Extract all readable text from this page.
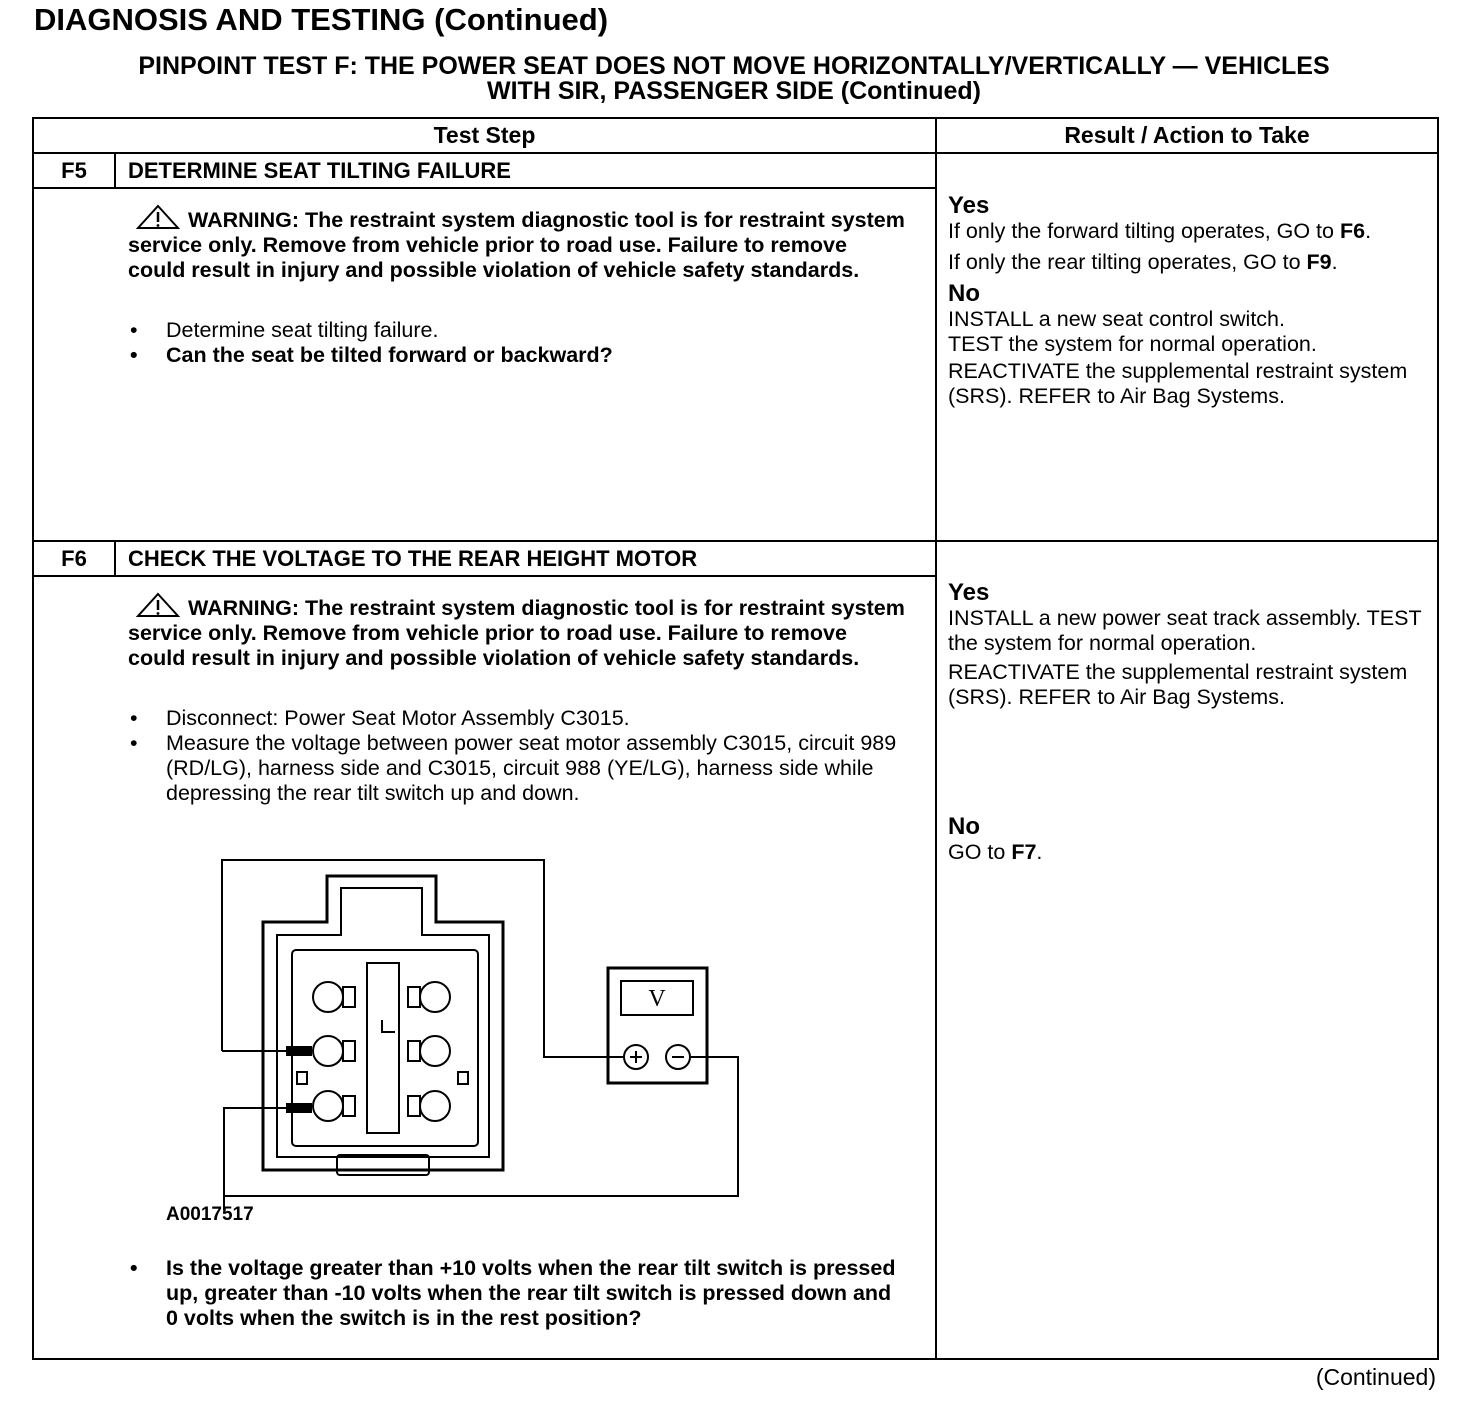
DIAGNOSIS AND TESTING (Continued)
PINPOINT TEST F: THE POWER SEAT DOES NOT MOVE HORIZONTALLY/VERTICALLY — VEHICLES
WITH SIR, PASSENGER SIDE (Continued)
Test Step	Result / Action to Take
F5	DETERMINE SEAT TILTING FAILURE
WARNING: The restraint system diagnostic tool is for restraint system service only. Remove from vehicle prior to road use. Failure to remove could result in injury and possible violation of vehicle safety standards.
• Determine seat tilting failure.
• Can the seat be tilted forward or backward?

Yes

If only the forward tilting operates, GO to F6.

If only the rear tilting operates, GO to F9.

No

INSTALL a new seat control switch.

TEST the system for normal operation.

REACTIVATE the supplemental restraint system (SRS). REFER to Air Bag Systems.

F6	CHECK THE VOLTAGE TO THE REAR HEIGHT MOTOR
WARNING: The restraint system diagnostic tool is for restraint system service only. Remove from vehicle prior to road use. Failure to remove could result in injury and possible violation of vehicle safety standards.
• Disconnect: Power Seat Motor Assembly C3015.
• Measure the voltage between power seat motor assembly C3015, circuit 989 (RD/LG), harness side and C3015, circuit 988 (YE/LG), harness side while depressing the rear tilt switch up and down.
V
A0017517
• Is the voltage greater than +10 volts when the rear tilt switch is pressed up, greater than -10 volts when the rear tilt switch is pressed down and 0 volts when the switch is in the rest position?

Yes

INSTALL a new power seat track assembly. TEST the system for normal operation.

REACTIVATE the supplemental restraint system (SRS). REFER to Air Bag Systems.

No

GO to F7.

(Continued)
